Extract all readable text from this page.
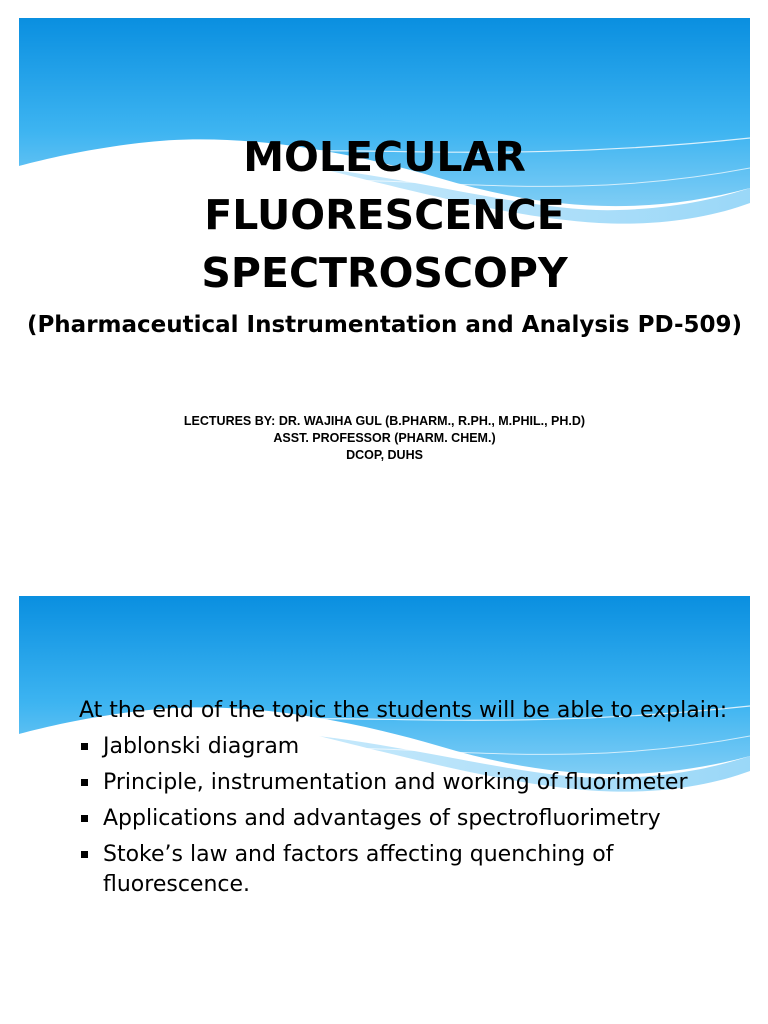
MOLECULAR
FLUORESCENCE
SPECTROSCOPY
(Pharmaceutical Instrumentation and Analysis PD-509)
LECTURES BY: DR. WAJIHA GUL (B.PHARM., R.PH., M.PHIL., PH.D)
ASST. PROFESSOR (PHARM. CHEM.)
DCOP, DUHS

At the end of the topic the students will be able to explain:

Jablonski diagram
Principle, instrumentation and working of fluorimeter
Applications and advantages of spectrofluorimetry
Stoke’s law and factors affecting quenching of fluorescence.
